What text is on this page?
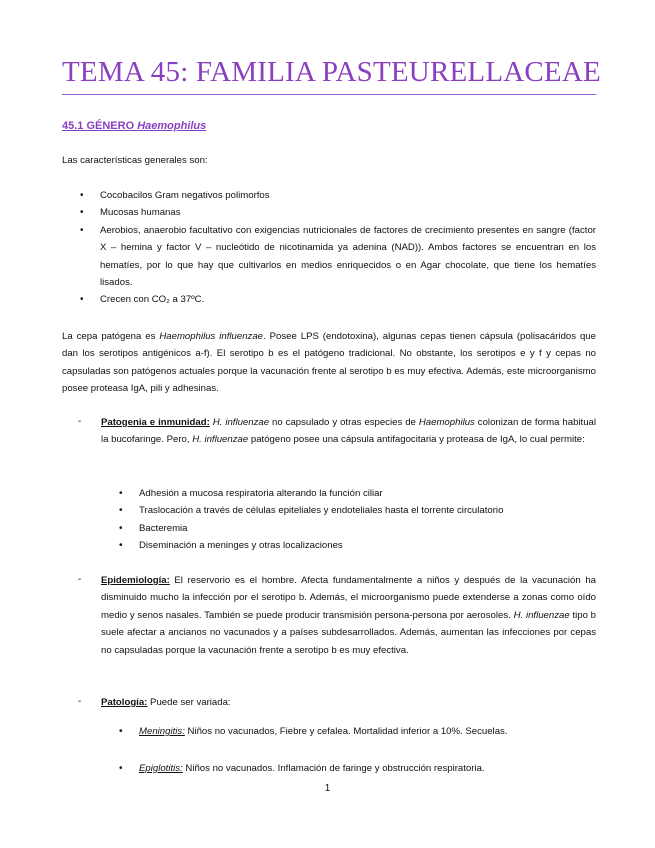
TEMA 45: FAMILIA PASTEURELLACEAE
45.1 GÉNERO Haemophilus
Las características generales son:
• Cocobacilos Gram negativos polimorfos
• Mucosas humanas
• Aerobios, anaerobio facultativo con exigencias nutricionales de factores de crecimiento presentes en sangre (factor X – hemina y factor V – nucleótido de nicotinamida ya adenina (NAD)). Ambos factores se encuentran en los hematíes, por lo que hay que cultivarlos en medios enriquecidos o en Agar chocolate, que tiene los hematíes lisados.
• Crecen con CO₂ a 37ºC.
La cepa patógena es Haemophilus influenzae. Posee LPS (endotoxina), algunas cepas tienen cápsula (polisacáridos que dan los serotipos antigénicos a-f). El serotipo b es el patógeno tradicional. No obstante, los serotipos e y f y cepas no capsuladas son patógenos actuales porque la vacunación frente al serotipo b es muy efectiva. Además, este microorganismo posee proteasa IgA, pili y adhesinas.
- Patogenia e inmunidad: H. influenzae no capsulado y otras especies de Haemophilus colonizan de forma habitual la bucofaringe. Pero, H. influenzae patógeno posee una cápsula antifagocitaria y proteasa de IgA, lo cual permite:
• Adhesión a mucosa respiratoria alterando la función ciliar
• Traslocación a través de células epiteliales y endoteliales hasta el torrente circulatorio
• Bacteremia
• Diseminación a meninges y otras localizaciones
- Epidemiología: El reservorio es el hombre. Afecta fundamentalmente a niños y después de la vacunación ha disminuido mucho la infección por el serotipo b. Además, el microorganismo puede extenderse a zonas como oído medio y senos nasales. También se puede producir transmisión persona-persona por aerosoles. H. influenzae tipo b suele afectar a ancianos no vacunados y a países subdesarrollados. Además, aumentan las infecciones por cepas no capsuladas porque la vacunación frente a serotipo b es muy efectiva.
- Patología: Puede ser variada:
• Meningitis: Niños no vacunados, Fiebre y cefalea. Mortalidad inferior a 10%. Secuelas.
• Epiglotitis: Niños no vacunados. Inflamación de faringe y obstrucción respiratoria.
1
